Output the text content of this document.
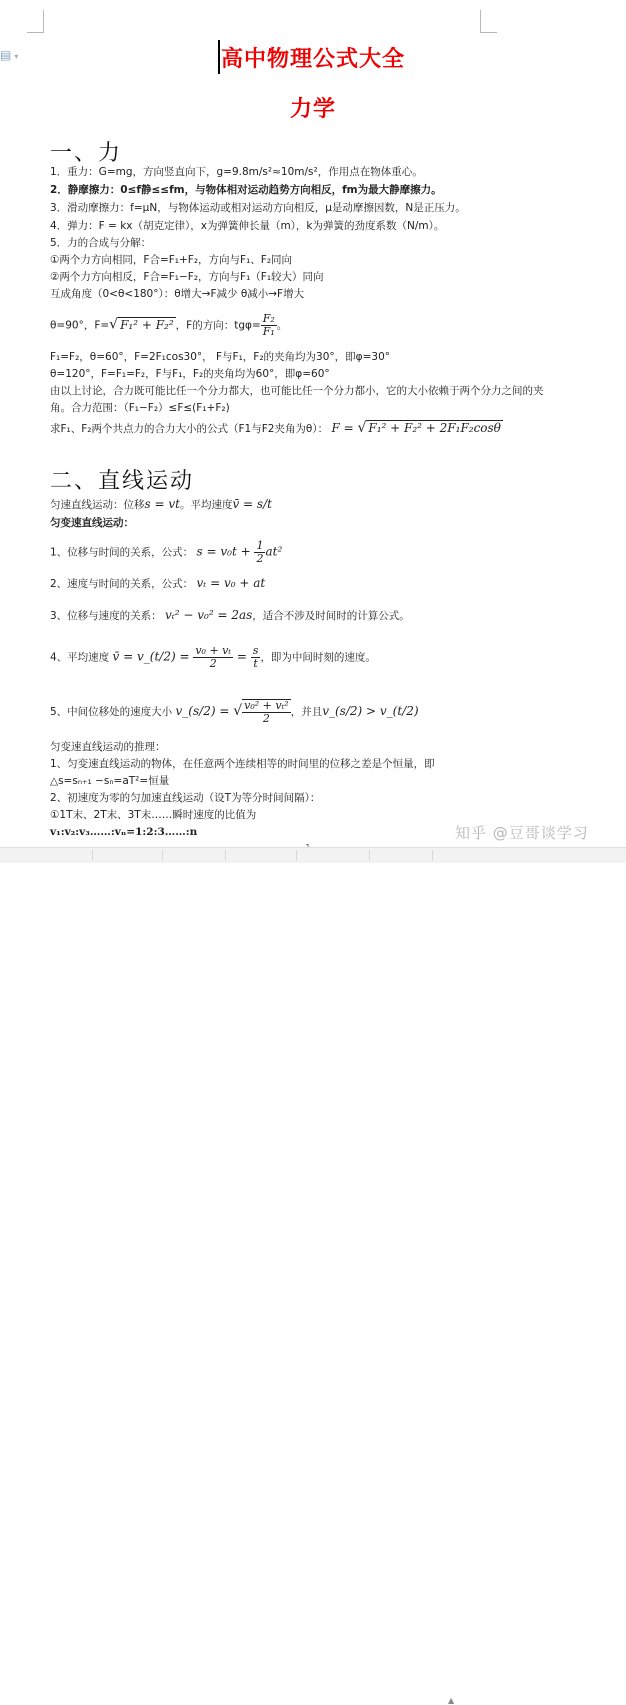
▤ ▾	高中物理公式大全
力学
一、力
1．重力：G=mg，方向竖直向下，g=9.8m/s²≈10m/s²，作用点在物体重心。
2．静摩擦力：0≤f静≤≤fm，与物体相对运动趋势方向相反，fm为最大静摩擦力。
3．滑动摩擦力：f=μN，与物体运动或相对运动方向相反，μ是动摩擦因数，N是正压力。
4．弹力：F = kx（胡克定律），x为弹簧伸长量（m），k为弹簧的劲度系数（N/m）。
5．力的合成与分解：
①两个力方向相同，F合=F₁+F₂，方向与F₁、F₂同向
②两个力方向相反，F合=F₁−F₂，方向与F₁（F₁较大）同向
互成角度（0<θ<180°）：θ增大→F减少 θ减小→F增大
θ=90°，F=√ F₁² + F₂² ，F的方向：$tg\varphi= \frac{\text{F₂}}{\text{F₁}}$ 。
F₁=F₂，θ=60°，F=2F₁cos30°， F与F₁，F₂的夹角均为30°，即φ=30°
θ=120°，F=F₁=F₂，F与F₁，F₂的夹角均为60°，即φ=60°
由以上讨论，合力既可能比任一个分力都大，也可能比任一个分力都小，它的大小依赖于两个分力之间的夹
角。合力范围：（F₁−F₂）≤F≤(F₁+F₂)
求F₁、F₂两个共点力的合力大小的公式（F1与F2夹角为θ）： F = √ F₁² + F₂² + 2F₁F₂cosθ
二、直线运动
匀速直线运动：位移s = vt。平均速度v̄ = s/t
匀变速直线运动：
1、位移与时间的关系，公式： $s = v_0t + \frac{1}{2} at^2$
2、速度与时间的关系，公式： vₜ = v₀ + at
3、位移与速度的关系： vₜ² − v₀² = 2as，适合不涉及时间时的计算公式。
4、平均速度 v̄ = v_(t/2) = $\frac{\text{v₀ + vₜ}}{2} = \frac{s}{t}$ ，即为中间时刻的速度。
5、中间位移处的速度大小 v_(s/2) = √ $\frac{\text{v₀² + vₜ²}}{2}$ ，并且v_(s/2) > v_(t/2)
匀变速直线运动的推理：
1、匀变速直线运动的物体，在任意两个连续相等的时间里的位移之差是个恒量，即
△s=sₙ₊₁ −sₙ=aT²=恒量
2、初速度为零的匀加速直线运动（设T为等分时间间隔）：
①1T末、2T末、3T末……瞬时速度的比值为
v₁:v₂:v₃……:vₙ=1:2:3……:n	知乎 @豆哥谈学习
▲
